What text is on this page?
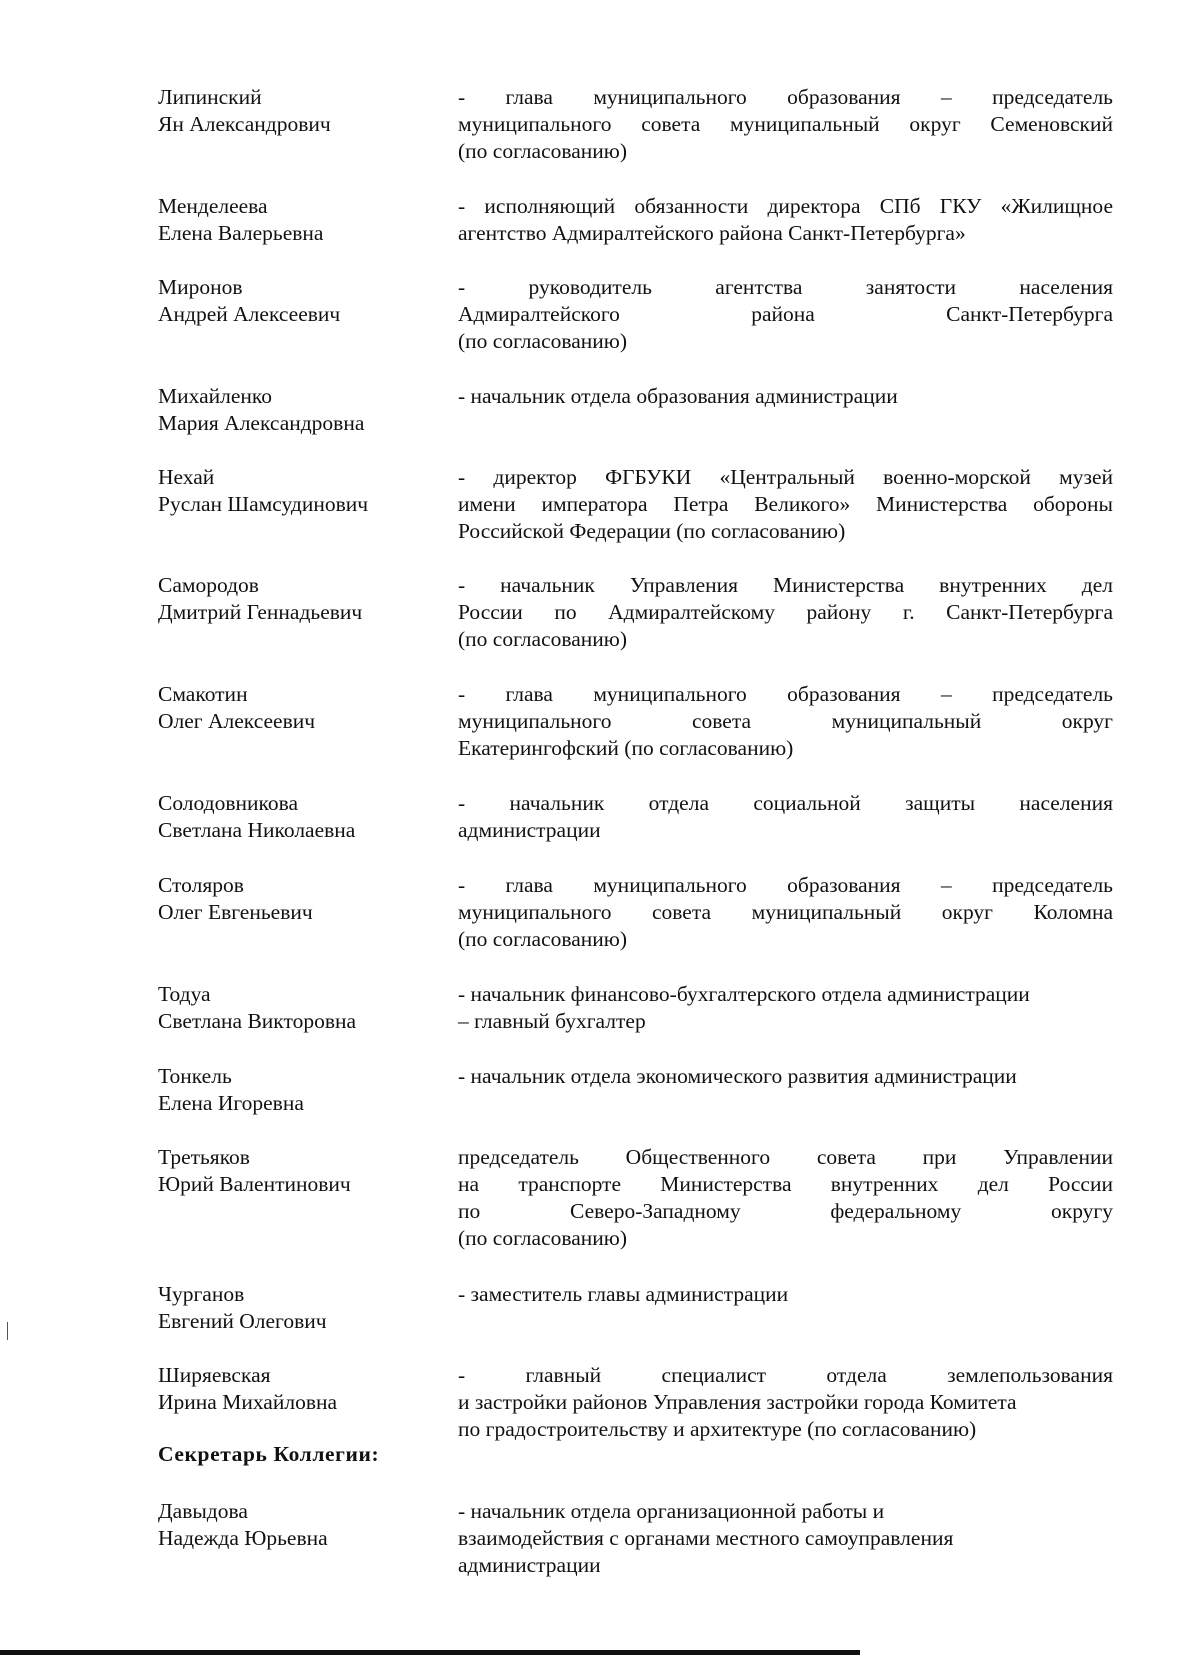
Липинский
Ян Александрович
- глава муниципального образования – председатель
муниципального совета муниципальный округ Семеновский
(по согласованию)
Менделеева
Елена Валерьевна
- исполняющий обязанности директора СПб ГКУ «Жилищное
агентство Адмиралтейского района Санкт-Петербурга»
Миронов
Андрей Алексеевич
- руководитель агентства занятости населения
Адмиралтейского района Санкт-Петербурга
(по согласованию)
Михайленко
Мария Александровна
- начальник отдела образования администрации
Нехай
Руслан Шамсудинович
- директор ФГБУКИ «Центральный военно-морской музей
имени императора Петра Великого» Министерства обороны
Российской Федерации (по согласованию)
Самородов
Дмитрий Геннадьевич
- начальник Управления Министерства внутренних дел
России по Адмиралтейскому району г. Санкт-Петербурга
(по согласованию)
Смакотин
Олег Алексеевич
- глава муниципального образования – председатель
муниципального совета муниципальный округ
Екатерингофский (по согласованию)
Солодовникова
Светлана Николаевна
- начальник отдела социальной защиты населения
администрации
Столяров
Олег Евгеньевич
- глава муниципального образования – председатель
муниципального совета муниципальный округ Коломна
(по согласованию)
Тодуа
Светлана Викторовна
- начальник финансово-бухгалтерского отдела администрации
– главный бухгалтер
Тонкель
Елена Игоревна
- начальник отдела экономического развития администрации
Третьяков
Юрий Валентинович
председатель Общественного совета при Управлении
на транспорте Министерства внутренних дел России
по Северо-Западному федеральному округу
(по согласованию)
Чурганов
Евгений Олегович
- заместитель главы администрации
Ширяевская
Ирина Михайловна
- главный специалист отдела землепользования
и застройки районов Управления застройки города Комитета
по градостроительству и архитектуре (по согласованию)
Секретарь Коллегии:
Давыдова
Надежда Юрьевна
- начальник отдела организационной работы и
взаимодействия с органами местного самоуправления
администрации
